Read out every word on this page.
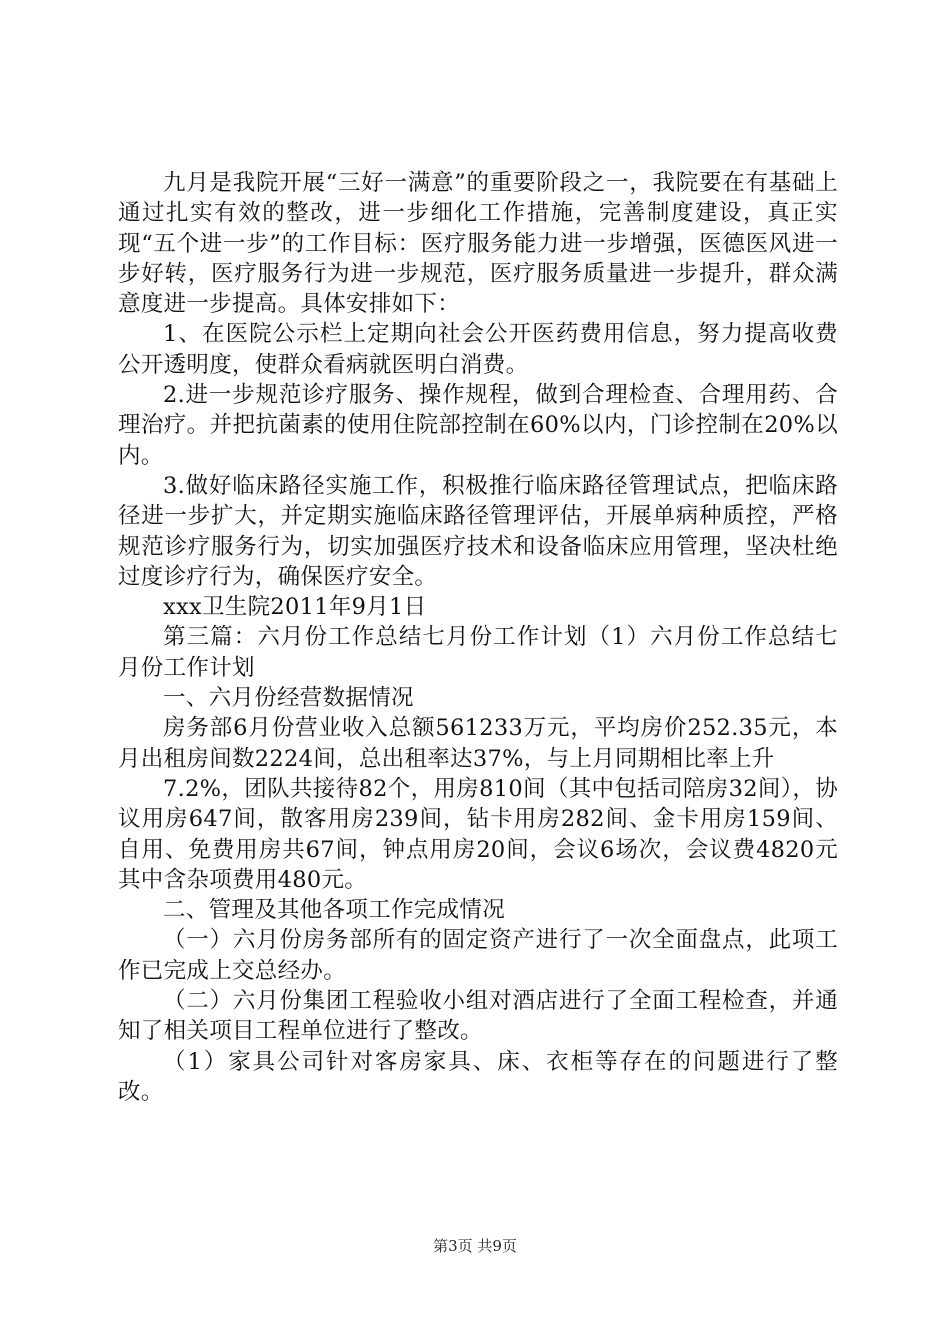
九月是我院开展“三好一满意”的重要阶段之一，我院要在有基础上通过扎实有效的整改，进一步细化工作措施，完善制度建设，真正实现“五个进一步”的工作目标：医疗服务能力进一步增强，医德医风进一步好转，医疗服务行为进一步规范，医疗服务质量进一步提升，群众满意度进一步提高。具体安排如下：

1、在医院公示栏上定期向社会公开医药费用信息，努力提高收费公开透明度，使群众看病就医明白消费。

2.进一步规范诊疗服务、操作规程，做到合理检查、合理用药、合理治疗。并把抗菌素的使用住院部控制在60%以内，门诊控制在20%以内。

3.做好临床路径实施工作，积极推行临床路径管理试点，把临床路径进一步扩大，并定期实施临床路径管理评估，开展单病种质控，严格规范诊疗服务行为，切实加强医疗技术和设备临床应用管理，坚决杜绝过度诊疗行为，确保医疗安全。

xxx卫生院2011年9月1日

第三篇：六月份工作总结七月份工作计划（1）六月份工作总结七月份工作计划

一、六月份经营数据情况

房务部6月份营业收入总额561233万元，平均房价252.35元，本月出租房间数2224间，总出租率达37%，与上月同期相比率上升

7.2%，团队共接待82个，用房810间（其中包括司陪房32间），协议用房647间，散客用房239间，钻卡用房282间、金卡用房159间、自用、免费用房共67间，钟点用房20间，会议6场次，会议费4820元其中含杂项费用480元。

二、管理及其他各项工作完成情况

（一）六月份房务部所有的固定资产进行了一次全面盘点，此项工作已完成上交总经办。

（二）六月份集团工程验收小组对酒店进行了全面工程检查，并通知了相关项目工程单位进行了整改。

（1）家具公司针对客房家具、床、衣柜等存在的问题进行了整改。

第3页 共9页
